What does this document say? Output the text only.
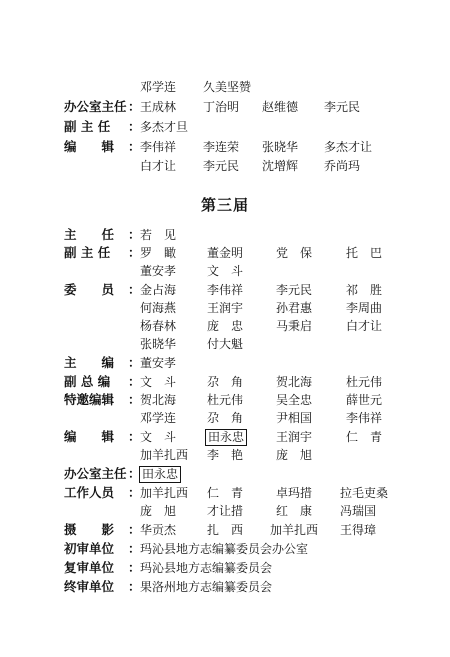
邓学连 久美坚赞
办公室主任 ： 王成林 丁治明 赵维德 李元民
副 主 任 ： 多杰才旦
编　　辑 ： 李伟祥 李连荣 张晓华 多杰才让
白才让 李元民 沈增辉 乔尚玛
第三届
主　　任 ： 若　见
副 主 任 ： 罗　瞰	董金明	党　保	托　巴
董安孝	文　斗
委　　员 ： 金占海	李伟祥	李元民	祁　胜
何海燕	王润宇	孙君惠	李周曲
杨春林	庞　忠	马秉启	白才让
张晓华	付大魁
主　　编 ： 董安孝
副 总 编 ： 文　斗	尕　角	贺北海	杜元伟
特邀编辑 ： 贺北海	杜元伟	吴全忠	薛世元
邓学连	尕　角	尹相国	李伟祥
编　　辑 ： 文　斗	田永忠	王润宇	仁　青
加羊扎西 李　艳	庞　旭
办公室主任 ： 田永忠
工作人员 ： 加羊扎西 仁　青	卓玛措 拉毛吏桑
庞　旭	才让措	红　康 冯瑞国
摄　　影 ： 华贡杰	扎　西 加羊扎西 王得璋
初审单位 ： 玛沁县地方志编纂委员会办公室
复审单位 ： 玛沁县地方志编纂委员会
终审单位 ： 果洛州地方志编纂委员会
